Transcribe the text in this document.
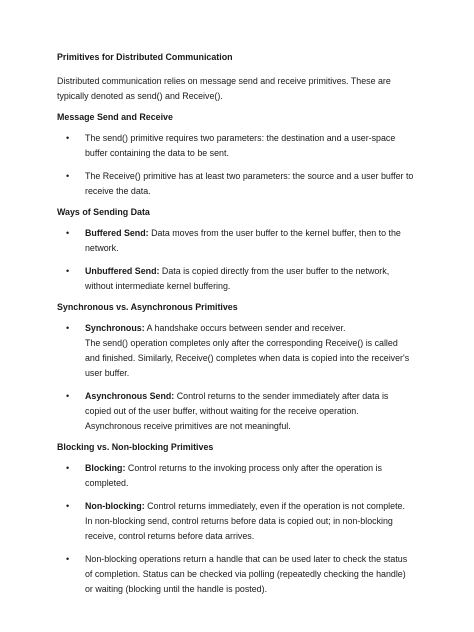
Primitives for Distributed Communication
Distributed communication relies on message send and receive primitives. These are typically denoted as send() and Receive().
Message Send and Receive
• The send() primitive requires two parameters: the destination and a user-space buffer containing the data to be sent.
• The Receive() primitive has at least two parameters: the source and a user buffer to receive the data.
Ways of Sending Data
• Buffered Send: Data moves from the user buffer to the kernel buffer, then to the network.
• Unbuffered Send: Data is copied directly from the user buffer to the network, without intermediate kernel buffering.
Synchronous vs. Asynchronous Primitives
• Synchronous: A handshake occurs between sender and receiver.
The send() operation completes only after the corresponding Receive() is called and finished. Similarly, Receive() completes when data is copied into the receiver's user buffer.
• Asynchronous Send: Control returns to the sender immediately after data is copied out of the user buffer, without waiting for the receive operation. Asynchronous receive primitives are not meaningful.
Blocking vs. Non-blocking Primitives
• Blocking: Control returns to the invoking process only after the operation is completed.
• Non-blocking: Control returns immediately, even if the operation is not complete. In non-blocking send, control returns before data is copied out; in non-blocking receive, control returns before data arrives.
• Non-blocking operations return a handle that can be used later to check the status of completion. Status can be checked via polling (repeatedly checking the handle) or waiting (blocking until the handle is posted).
